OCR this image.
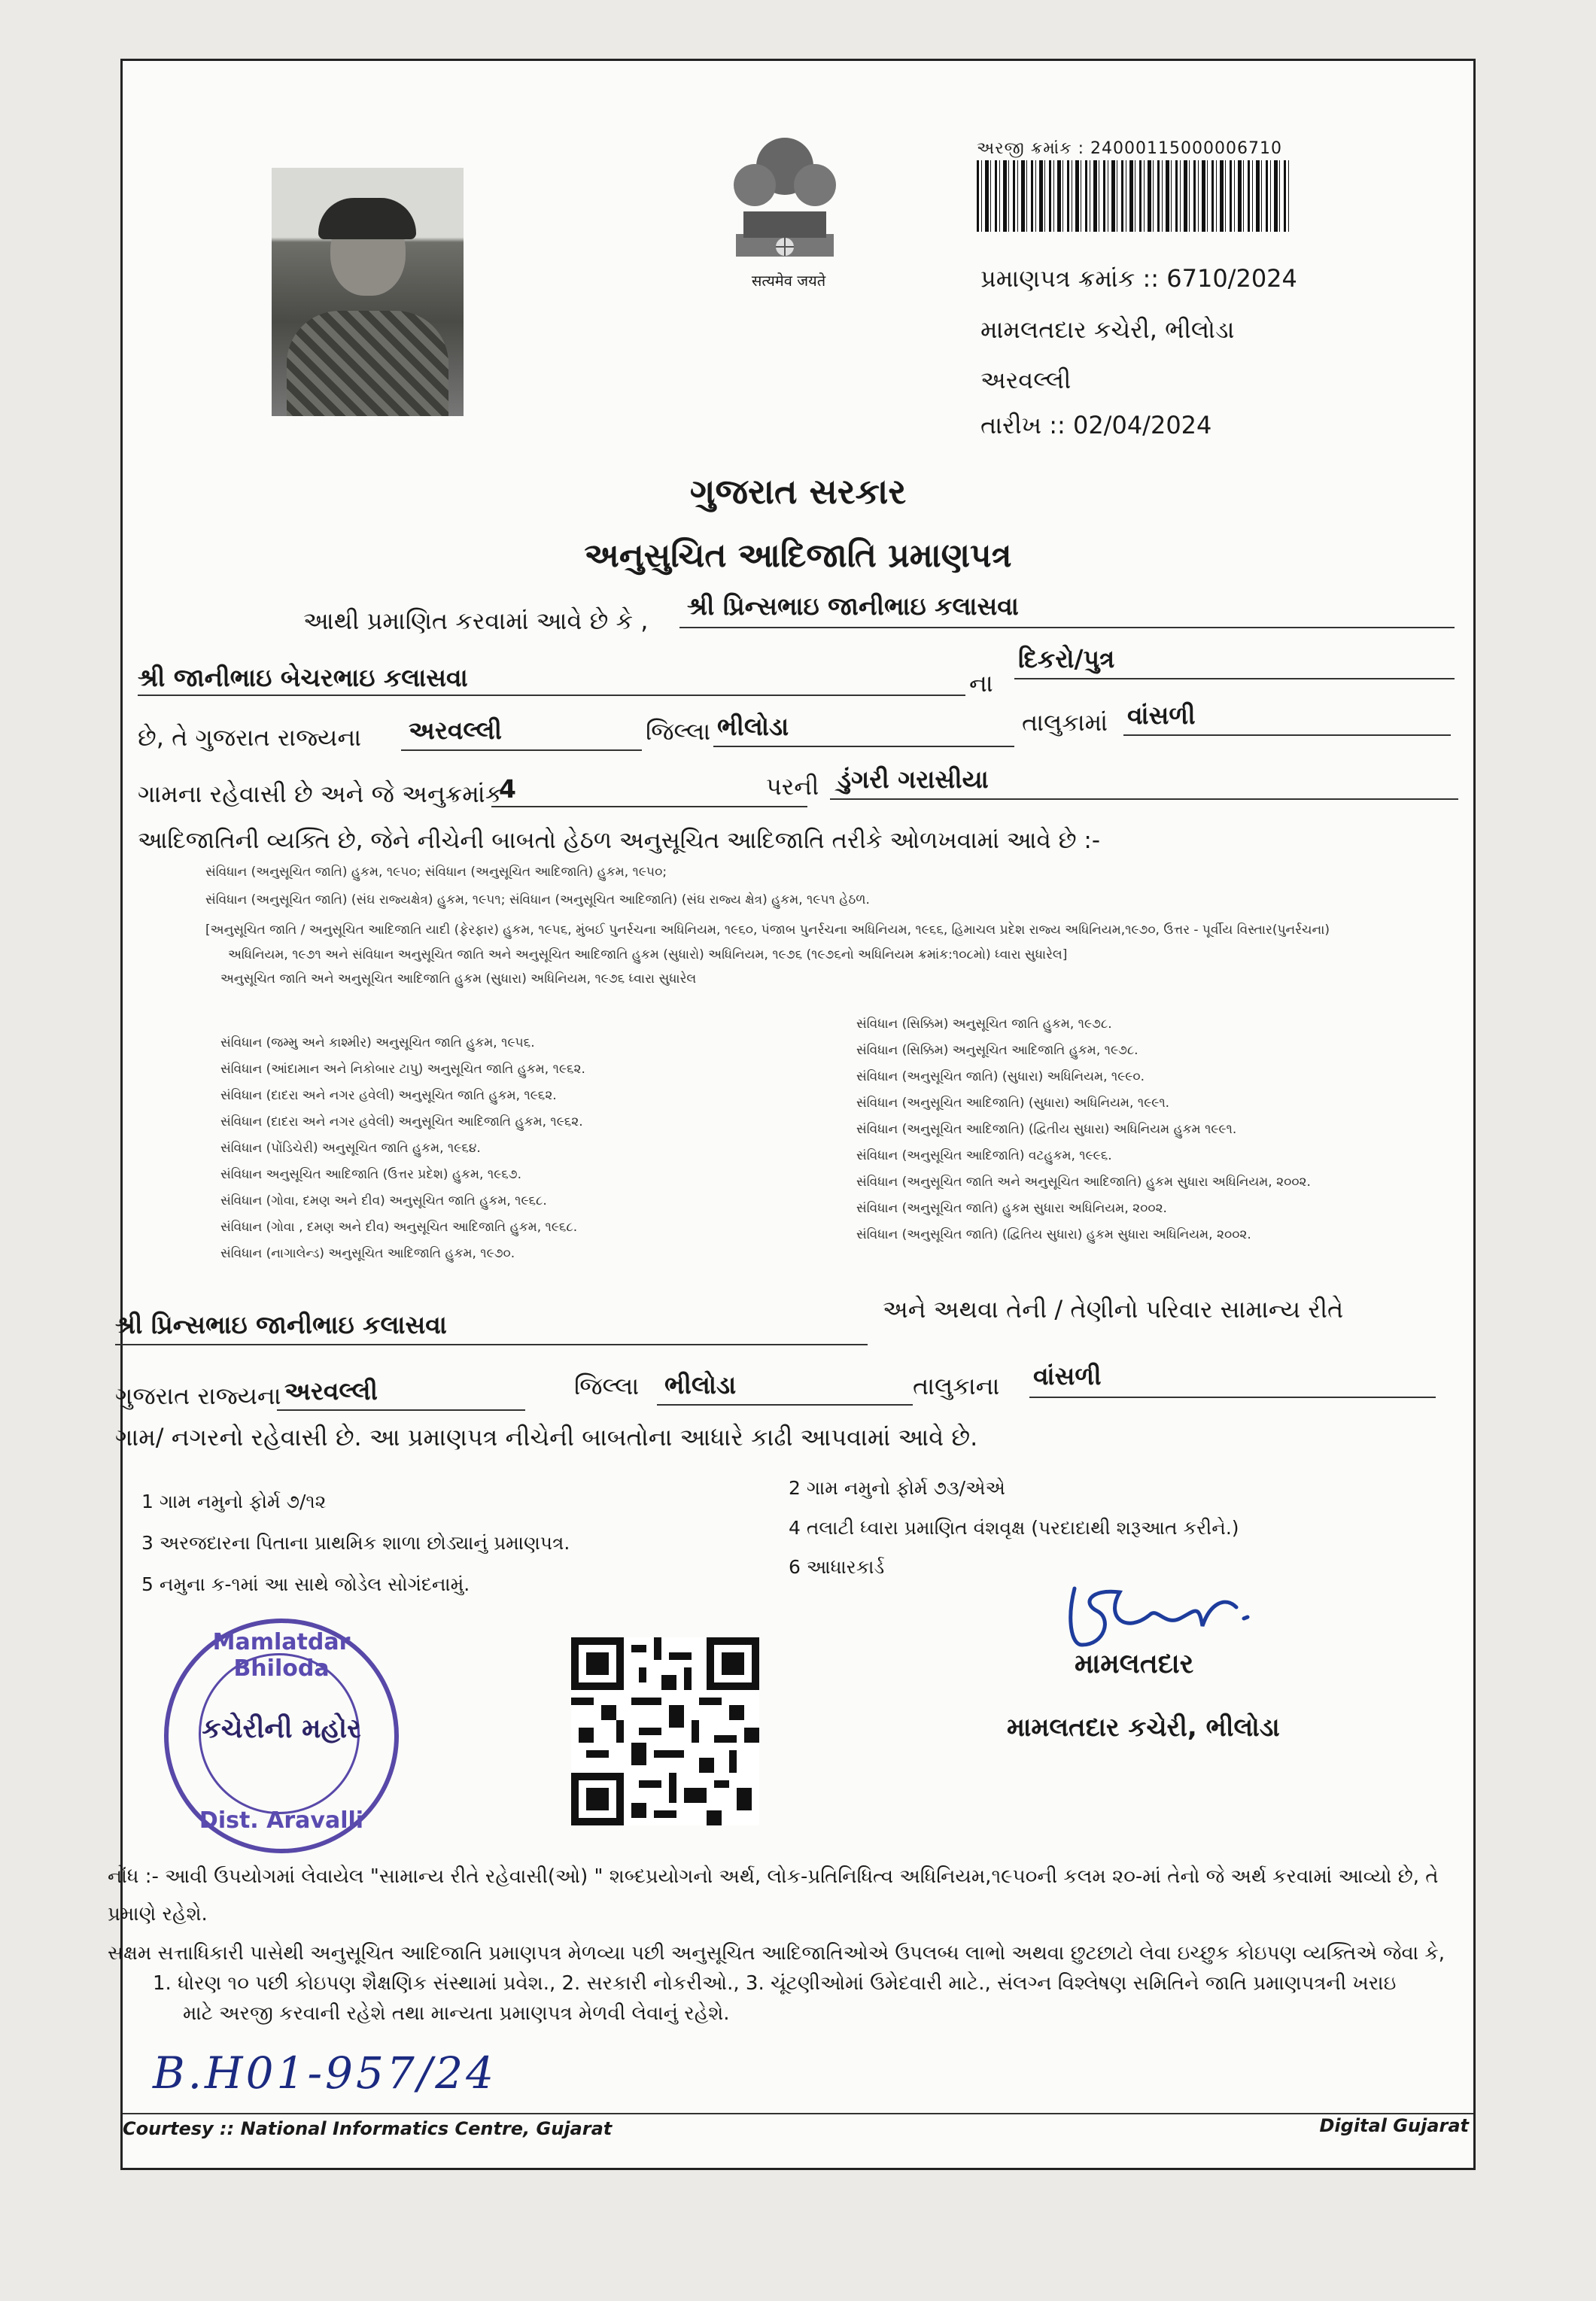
सत्यमेव जयते
અરજી ક્રમાંક : 24000115000006710
પ્રમાણપત્ર ક્રમાંક :: 6710/2024
મામલતદાર કચેરી, ભીલોડા
અરવલ્લી
તારીખ :: 02/04/2024
ગુજરાત સરકાર
અનુસુચિત આદિજાતિ પ્રમાણપત્ર
આથી પ્રમાણિત કરવામાં આવે છે કે , શ્રી પ્રિન્સભાઇ જાનીભાઇ કલાસવા
શ્રી જાનીભાઇ બેચરભાઇ કલાસવા	ના
દિકરો/પુત્ર
છે, તે ગુજરાત રાજ્યના અરવલ્લી	જિલ્લા ભીલોડા	તાલુકામાં વાંસળી
ગામના રહેવાસી છે અને જે અનુક્રમાંક
4	પરની ડુંગરી ગરાસીયા
આદિજાતિની વ્યક્તિ છે, જેને નીચેની બાબતો હેઠળ અનુસૂચિત આદિજાતિ તરીકે ઓળખવામાં આવે છે :-
સંવિધાન (અનુસૂચિત જાતિ) હુકમ, ૧૯૫૦; સંવિધાન (અનુસૂચિત આદિજાતિ) હુકમ, ૧૯૫૦;
સંવિધાન (અનુસૂચિત જાતિ) (સંઘ રાજ્યક્ષેત્ર) હુકમ, ૧૯૫૧; સંવિધાન (અનુસૂચિત આદિજાતિ) (સંઘ રાજ્ય ક્ષેત્ર) હુકમ, ૧૯૫૧ હેઠળ.
[અનુસૂચિત જાતિ / અનુસૂચિત આદિજાતિ યાદી (ફેરફાર) હુકમ, ૧૯૫૬, મુંબઈ પુનર્રચના અધિનિયમ, ૧૯૬૦, પંજાબ પુનર્રચના અધિનિયમ, ૧૯૬૬, હિમાચલ પ્રદેશ રાજ્ય અધિનિયમ,૧૯૭૦, ઉત્તર - પૂર્વીય વિસ્તાર(પુનર્રચના)
અધિનિયમ, ૧૯૭૧ અને સંવિધાન અનુસૂચિત જાતિ અને અનુસૂચિત આદિજાતિ હુકમ (સુધારો) અધિનિયમ, ૧૯૭૬ (૧૯૭૬નો અધિનિયમ ક્રમાંક:૧૦૮મો) ધ્વારા સુધારેલ]
અનુસૂચિત જાતિ અને અનુસૂચિત આદિજાતિ હુકમ (સુધારા) અધિનિયમ, ૧૯૭૬ ધ્વારા સુધારેલ
સંવિધાન (જમ્મુ અને કાશ્મીર) અનુસૂચિત જાતિ હુકમ, ૧૯૫૬.
સંવિધાન (આંદામાન અને નિકોબાર ટાપુ) અનુસૂચિત જાતિ હુકમ, ૧૯૬૨.
સંવિધાન (દાદરા અને નગર હવેલી) અનુસૂચિત જાતિ હુકમ, ૧૯૬૨.
સંવિધાન (દાદરા અને નગર હવેલી) અનુસૂચિત આદિજાતિ હુકમ, ૧૯૬૨.
સંવિધાન (પોંડિચેરી) અનુસૂચિત જાતિ હુકમ, ૧૯૬૪.
સંવિધાન અનુસૂચિત આદિજાતિ (ઉત્તર પ્રદેશ) હુકમ, ૧૯૬૭.
સંવિધાન (ગોવા, દમણ અને દીવ) અનુસૂચિત જાતિ હુકમ, ૧૯૬૮.
સંવિધાન (ગોવા , દમણ અને દીવ) અનુસૂચિત આદિજાતિ હુકમ, ૧૯૬૮.
સંવિધાન (નાગાલેન્ડ) અનુસૂચિત આદિજાતિ હુકમ, ૧૯૭૦.
સંવિધાન (સિક્કિમ) અનુસૂચિત જાતિ હુકમ, ૧૯૭૮.
સંવિધાન (સિક્કિમ) અનુસૂચિત આદિજાતિ હુકમ, ૧૯૭૮.
સંવિધાન (અનુસૂચિત જાતિ) (સુધારા) અધિનિયમ, ૧૯૯૦.
સંવિધાન (અનુસૂચિત આદિજાતિ) (સુધારા) અધિનિયમ, ૧૯૯૧.
સંવિધાન (અનુસૂચિત આદિજાતિ) (દ્વિતીય સુધારા) અધિનિયમ હુકમ ૧૯૯૧.
સંવિધાન (અનુસૂચિત આદિજાતિ) વટહુકમ, ૧૯૯૬.
સંવિધાન (અનુસૂચિત જાતિ અને અનુસૂચિત આદિજાતિ) હુકમ સુધારા અધિનિયમ, ૨૦૦૨.
સંવિધાન (અનુસૂચિત જાતિ) હુકમ સુધારા અધિનિયમ, ૨૦૦૨.
સંવિધાન (અનુસૂચિત જાતિ) (દ્વિતિય સુધારા) હુકમ સુધારા અધિનિયમ, ૨૦૦૨.
અને અથવા તેની / તેણીનો પરિવાર સામાન્ય રીતે
શ્રી પ્રિન્સભાઇ જાનીભાઇ કલાસવા
ગુજરાત રાજ્યના અરવલ્લી	જિલ્લા ભીલોડા	તાલુકાના વાંસળી
ગામ/ નગરનો રહેવાસી છે. આ પ્રમાણપત્ર નીચેની બાબતોના આધારે કાઢી આપવામાં આવે છે.
1 ગામ નમુનો ફોર્મ ૭/૧૨
2 ગામ નમુનો ફોર્મ ૭૩/એએ
3 અરજદારના પિતાના પ્રાથમિક શાળા છોડ્યાનું પ્રમાણપત્ર.
4 તલાટી ધ્વારા પ્રમાણિત વંશવૃક્ષ (પરદાદાથી શરૂઆત કરીને.)
5 નમુના ક-૧માં આ સાથે જોડેલ સોગંદનામું.
6 આધારકાર્ડ
Mamlatdar Bhiloda
કચેરીની મહોર
Dist. Aravalli
મામલતદાર
મામલતદાર કચેરી, ભીલોડા
નોંધ :- આવી ઉપયોગમાં લેવાયેલ "સામાન્ય રીતે રહેવાસી(ઓ) " શબ્દપ્રયોગનો અર્થ, લોક-પ્રતિનિધિત્વ અધિનિયમ,૧૯૫૦ની કલમ ૨૦-માં તેનો જે અર્થ કરવામાં આવ્યો છે, તે
પ્રમાણે રહેશે.
સક્ષમ સત્તાધિકારી પાસેથી અનુસૂચિત આદિજાતિ પ્રમાણપત્ર મેળવ્યા પછી અનુસૂચિત આદિજાતિઓએ ઉપલબ્ધ લાભો અથવા છુટછાટો લેવા ઇચ્છુક કોઇપણ વ્યક્તિએ જેવા કે,
1. ધોરણ ૧૦ પછી કોઇપણ શૈક્ષણિક સંસ્થામાં પ્રવેશ., 2. સરકારી નોકરીઓ., 3. ચૂંટણીઓમાં ઉમેદવારી માટે., સંલગ્ન વિશ્લેષણ સમિતિને જાતિ પ્રમાણપત્રની ખરાઇ
માટે અરજી કરવાની રહેશે તથા માન્યતા પ્રમાણપત્ર મેળવી લેવાનું રહેશે.
B.H01-957/24
Courtesy :: National Informatics Centre, Gujarat	Digital Gujarat
